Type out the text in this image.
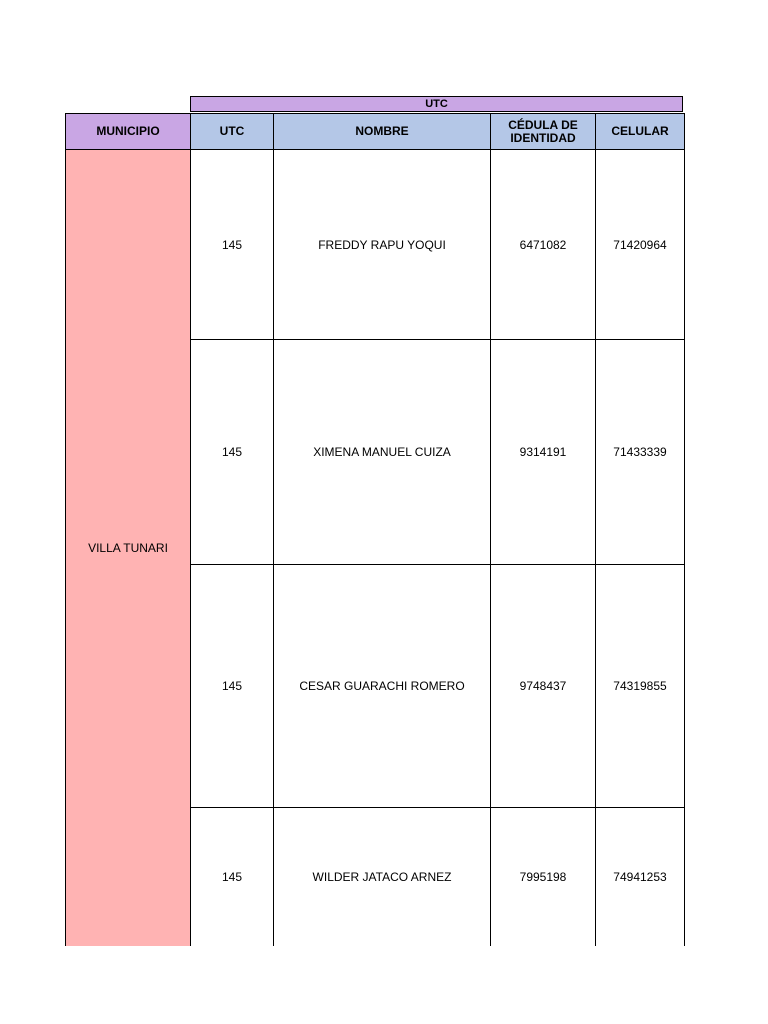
UTC
MUNICIPIO	UTC	NOMBRE	CÉDULA DE IDENTIDAD	CELULAR
VILLA TUNARI	145	FREDDY RAPU YOQUI	6471082	71420964
	145	XIMENA MANUEL CUIZA	9314191	71433339
	145	CESAR GUARACHI ROMERO	9748437	74319855
	145	WILDER JATACO ARNEZ	7995198	74941253
